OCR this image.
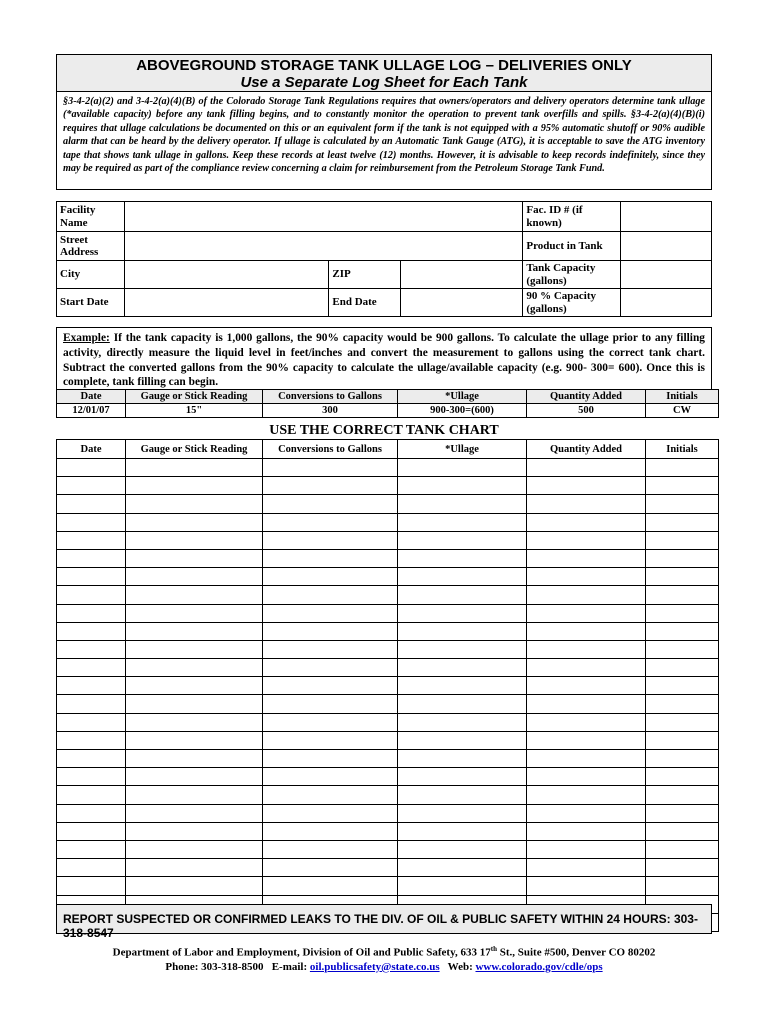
ABOVEGROUND STORAGE TANK ULLAGE LOG – DELIVERIES ONLY
Use a Separate Log Sheet for Each Tank
§3-4-2(a)(2) and 3-4-2(a)(4)(B) of the Colorado Storage Tank Regulations requires that owners/operators and delivery operators determine tank ullage (*available capacity) before any tank filling begins, and to constantly monitor the operation to prevent tank overfills and spills. §3-4-2(a)(4)(B)(i) requires that ullage calculations be documented on this or an equivalent form if the tank is not equipped with a 95% automatic shutoff or 90% audible alarm that can be heard by the delivery operator. If ullage is calculated by an Automatic Tank Gauge (ATG), it is acceptable to save the ATG inventory tape that shows tank ullage in gallons. Keep these records at least twelve (12) months. However, it is advisable to keep records indefinitely, since they may be required as part of the compliance review concerning a claim for reimbursement from the Petroleum Storage Tank Fund.
Facility Name				Fac. ID # (if known)	
Street Address				Product in Tank	
City		ZIP		Tank Capacity (gallons)	
Start Date		End Date		90 % Capacity (gallons)	
Example: If the tank capacity is 1,000 gallons, the 90% capacity would be 900 gallons. To calculate the ullage prior to any filling activity, directly measure the liquid level in feet/inches and convert the measurement to gallons using the correct tank chart. Subtract the converted gallons from the 90% capacity to calculate the ullage/available capacity (e.g. 900- 300= 600). Once this is complete, tank filling can begin.
Date	Gauge or Stick Reading	Conversions to Gallons	*Ullage	Quantity Added	Initials
12/01/07	15"	300	900-300=(600)	500	CW
USE THE CORRECT TANK CHART
Date	Gauge or Stick Reading	Conversions to Gallons	*Ullage	Quantity Added	Initials

REPORT SUSPECTED OR CONFIRMED LEAKS TO THE DIV. OF OIL & PUBLIC SAFETY WITHIN 24 HOURS: 303-318-8547
Department of Labor and Employment, Division of Oil and Public Safety, 633 17th St., Suite #500, Denver CO 80202
Phone: 303-318-8500 E-mail: oil.publicsafety@state.co.us Web: www.colorado.gov/cdle/ops
